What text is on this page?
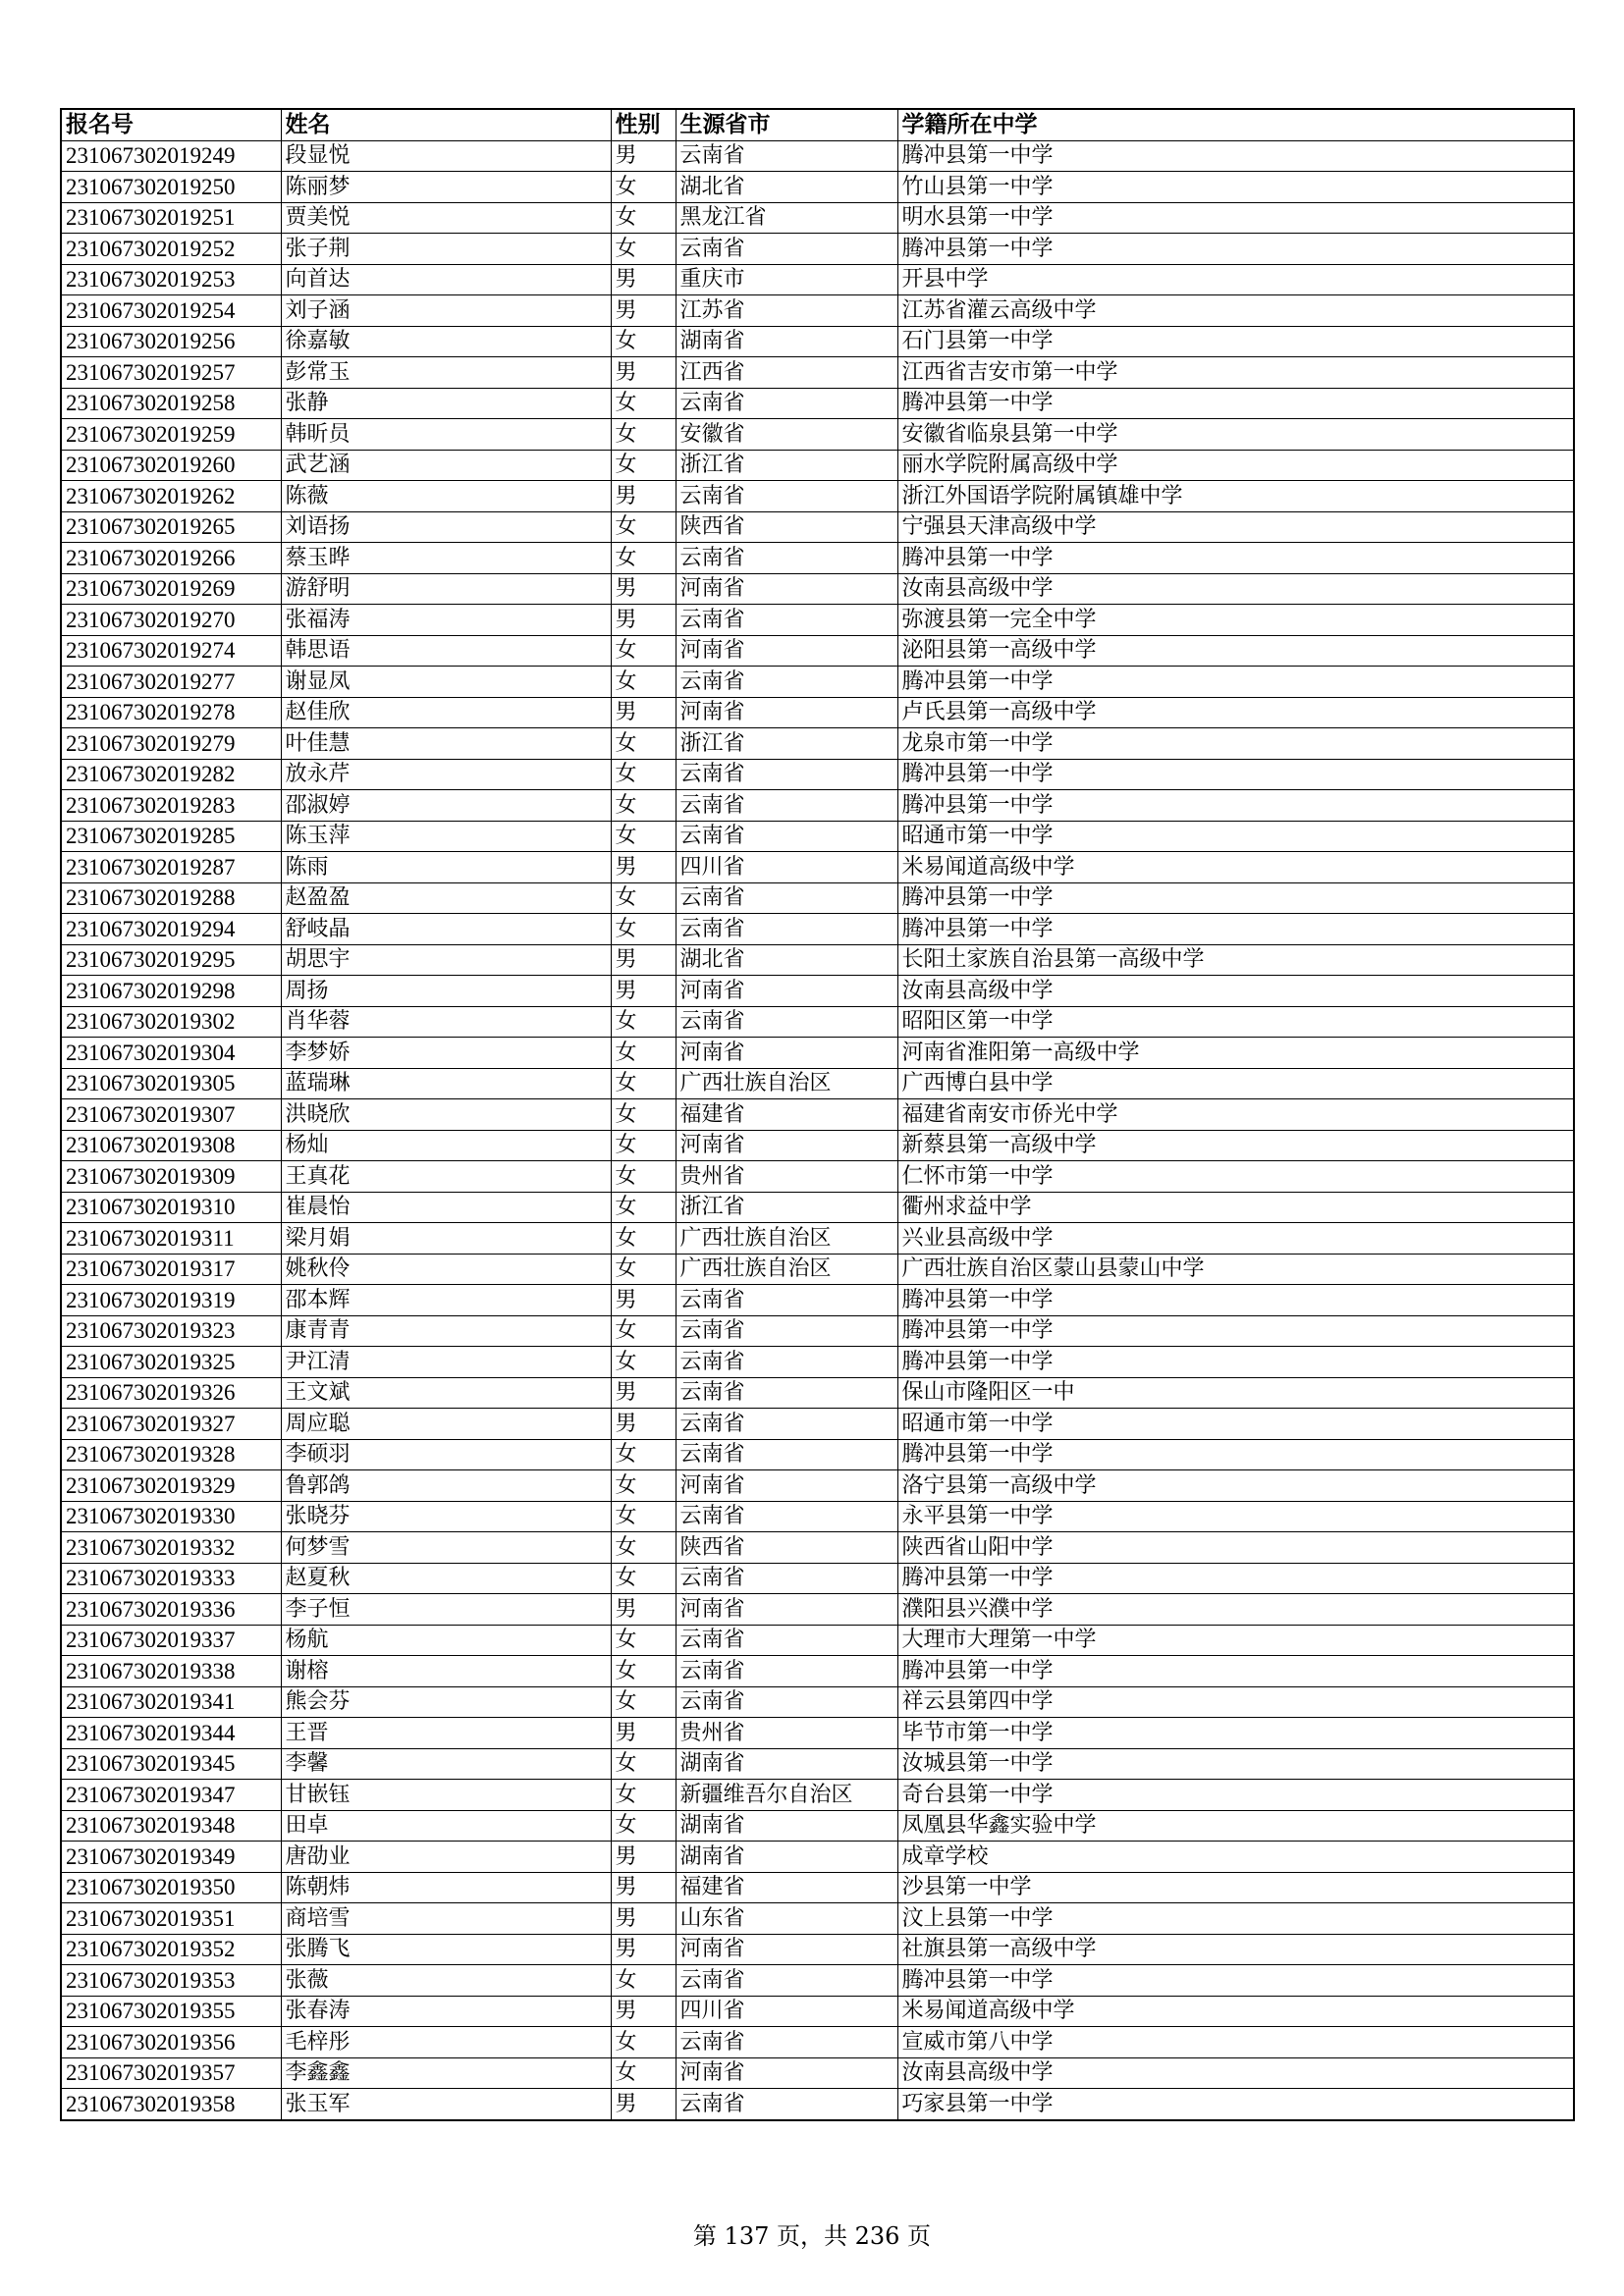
报名号	姓名	性别	生源省市	学籍所在中学
231067302019249	段显悦	男	云南省	腾冲县第一中学
231067302019250	陈丽梦	女	湖北省	竹山县第一中学
231067302019251	贾美悦	女	黑龙江省	明水县第一中学
231067302019252	张子荆	女	云南省	腾冲县第一中学
231067302019253	向首达	男	重庆市	开县中学
231067302019254	刘子涵	男	江苏省	江苏省灌云高级中学
231067302019256	徐嘉敏	女	湖南省	石门县第一中学
231067302019257	彭常玉	男	江西省	江西省吉安市第一中学
231067302019258	张静	女	云南省	腾冲县第一中学
231067302019259	韩昕员	女	安徽省	安徽省临泉县第一中学
231067302019260	武艺涵	女	浙江省	丽水学院附属高级中学
231067302019262	陈薇	男	云南省	浙江外国语学院附属镇雄中学
231067302019265	刘语扬	女	陕西省	宁强县天津高级中学
231067302019266	蔡玉晔	女	云南省	腾冲县第一中学
231067302019269	游舒明	男	河南省	汝南县高级中学
231067302019270	张福涛	男	云南省	弥渡县第一完全中学
231067302019274	韩思语	女	河南省	泌阳县第一高级中学
231067302019277	谢显凤	女	云南省	腾冲县第一中学
231067302019278	赵佳欣	男	河南省	卢氏县第一高级中学
231067302019279	叶佳慧	女	浙江省	龙泉市第一中学
231067302019282	放永芹	女	云南省	腾冲县第一中学
231067302019283	邵淑婷	女	云南省	腾冲县第一中学
231067302019285	陈玉萍	女	云南省	昭通市第一中学
231067302019287	陈雨	男	四川省	米易闻道高级中学
231067302019288	赵盈盈	女	云南省	腾冲县第一中学
231067302019294	舒岐晶	女	云南省	腾冲县第一中学
231067302019295	胡思宇	男	湖北省	长阳土家族自治县第一高级中学
231067302019298	周扬	男	河南省	汝南县高级中学
231067302019302	肖华蓉	女	云南省	昭阳区第一中学
231067302019304	李梦娇	女	河南省	河南省淮阳第一高级中学
231067302019305	蓝瑞琳	女	广西壮族自治区	广西博白县中学
231067302019307	洪晓欣	女	福建省	福建省南安市侨光中学
231067302019308	杨灿	女	河南省	新蔡县第一高级中学
231067302019309	王真花	女	贵州省	仁怀市第一中学
231067302019310	崔晨怡	女	浙江省	衢州求益中学
231067302019311	梁月娟	女	广西壮族自治区	兴业县高级中学
231067302019317	姚秋伶	女	广西壮族自治区	广西壮族自治区蒙山县蒙山中学
231067302019319	邵本辉	男	云南省	腾冲县第一中学
231067302019323	康青青	女	云南省	腾冲县第一中学
231067302019325	尹江清	女	云南省	腾冲县第一中学
231067302019326	王文斌	男	云南省	保山市隆阳区一中
231067302019327	周应聪	男	云南省	昭通市第一中学
231067302019328	李硕羽	女	云南省	腾冲县第一中学
231067302019329	鲁郭鸽	女	河南省	洛宁县第一高级中学
231067302019330	张晓芬	女	云南省	永平县第一中学
231067302019332	何梦雪	女	陕西省	陕西省山阳中学
231067302019333	赵夏秋	女	云南省	腾冲县第一中学
231067302019336	李子恒	男	河南省	濮阳县兴濮中学
231067302019337	杨航	女	云南省	大理市大理第一中学
231067302019338	谢榕	女	云南省	腾冲县第一中学
231067302019341	熊会芬	女	云南省	祥云县第四中学
231067302019344	王晋	男	贵州省	毕节市第一中学
231067302019345	李馨	女	湖南省	汝城县第一中学
231067302019347	甘嵌钰	女	新疆维吾尔自治区	奇台县第一中学
231067302019348	田卓	女	湖南省	凤凰县华鑫实验中学
231067302019349	唐劭业	男	湖南省	成章学校
231067302019350	陈朝炜	男	福建省	沙县第一中学
231067302019351	商培雪	男	山东省	汶上县第一中学
231067302019352	张腾飞	男	河南省	社旗县第一高级中学
231067302019353	张薇	女	云南省	腾冲县第一中学
231067302019355	张春涛	男	四川省	米易闻道高级中学
231067302019356	毛梓彤	女	云南省	宣威市第八中学
231067302019357	李鑫鑫	女	河南省	汝南县高级中学
231067302019358	张玉军	男	云南省	巧家县第一中学
第 137 页，共 236 页
